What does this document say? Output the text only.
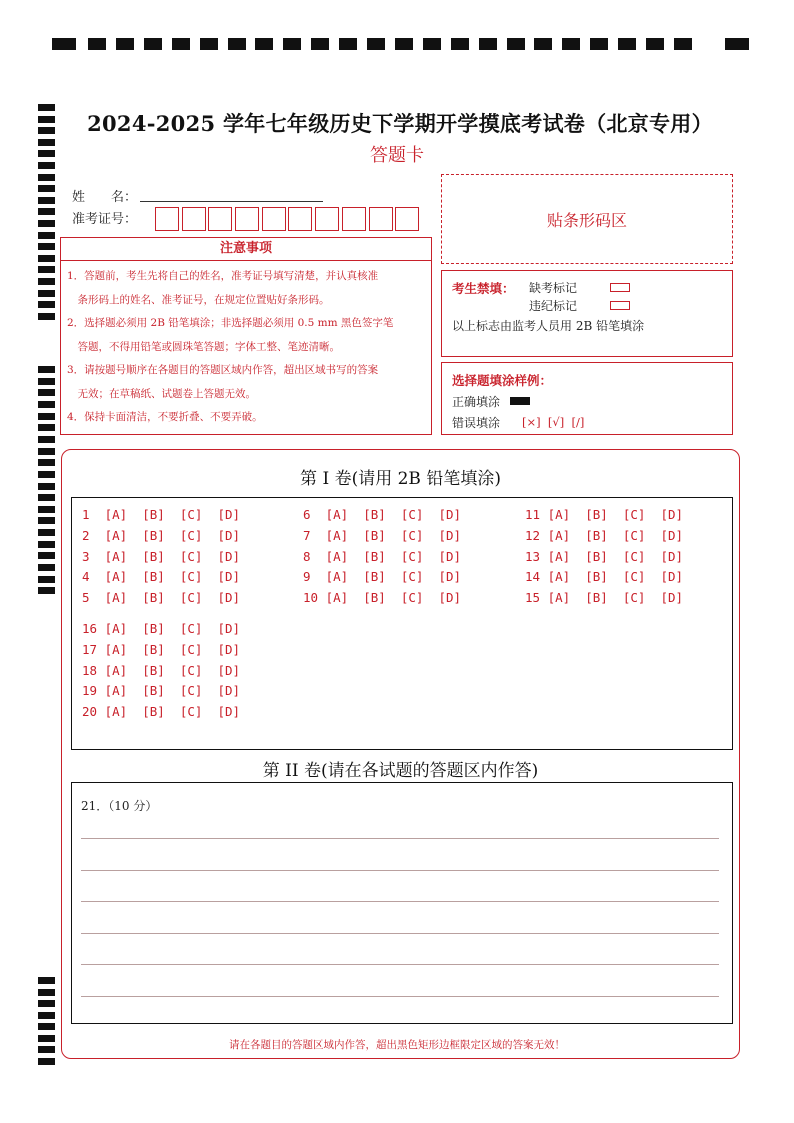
2024-2025 学年七年级历史下学期开学摸底考试卷（北京专用）
答题卡
姓　　名：
准考证号：	贴条形码区
注意事项
1．答题前，考生先将自己的姓名，准考证号填写清楚，并认真核准
　条形码上的姓名、准考证号，在规定位置贴好条形码。
2．选择题必须用 2B 铅笔填涂；非选择题必须用 0.5 mm 黑色签字笔
　答题，不得用铅笔或圆珠笔答题；字体工整、笔迹清晰。
3．请按题号顺序在各题目的答题区域内作答，超出区域书写的答案
　无效；在草稿纸、试题卷上答题无效。
4．保持卡面清洁，不要折叠、不要弄破。
考生禁填： 缺考标记
违纪标记
以上标志由监考人员用 2B 铅笔填涂
选择题填涂样例：
正确填涂
错误填涂 [×]  [√]  [/]
第 I 卷(请用 2B 铅笔填涂)
1  [A]  [B]  [C]  [D]
2  [A]  [B]  [C]  [D]
3  [A]  [B]  [C]  [D]
4  [A]  [B]  [C]  [D]
5  [A]  [B]  [C]  [D]
6  [A]  [B]  [C]  [D]
7  [A]  [B]  [C]  [D]
8  [A]  [B]  [C]  [D]
9  [A]  [B]  [C]  [D]
10 [A]  [B]  [C]  [D]
11 [A]  [B]  [C]  [D]
12 [A]  [B]  [C]  [D]
13 [A]  [B]  [C]  [D]
14 [A]  [B]  [C]  [D]
15 [A]  [B]  [C]  [D]
16 [A]  [B]  [C]  [D]
17 [A]  [B]  [C]  [D]
18 [A]  [B]  [C]  [D]
19 [A]  [B]  [C]  [D]
20 [A]  [B]  [C]  [D]
第 II 卷(请在各试题的答题区内作答)
21．（10 分）
请在各题目的答题区域内作答，超出黑色矩形边框限定区域的答案无效！
